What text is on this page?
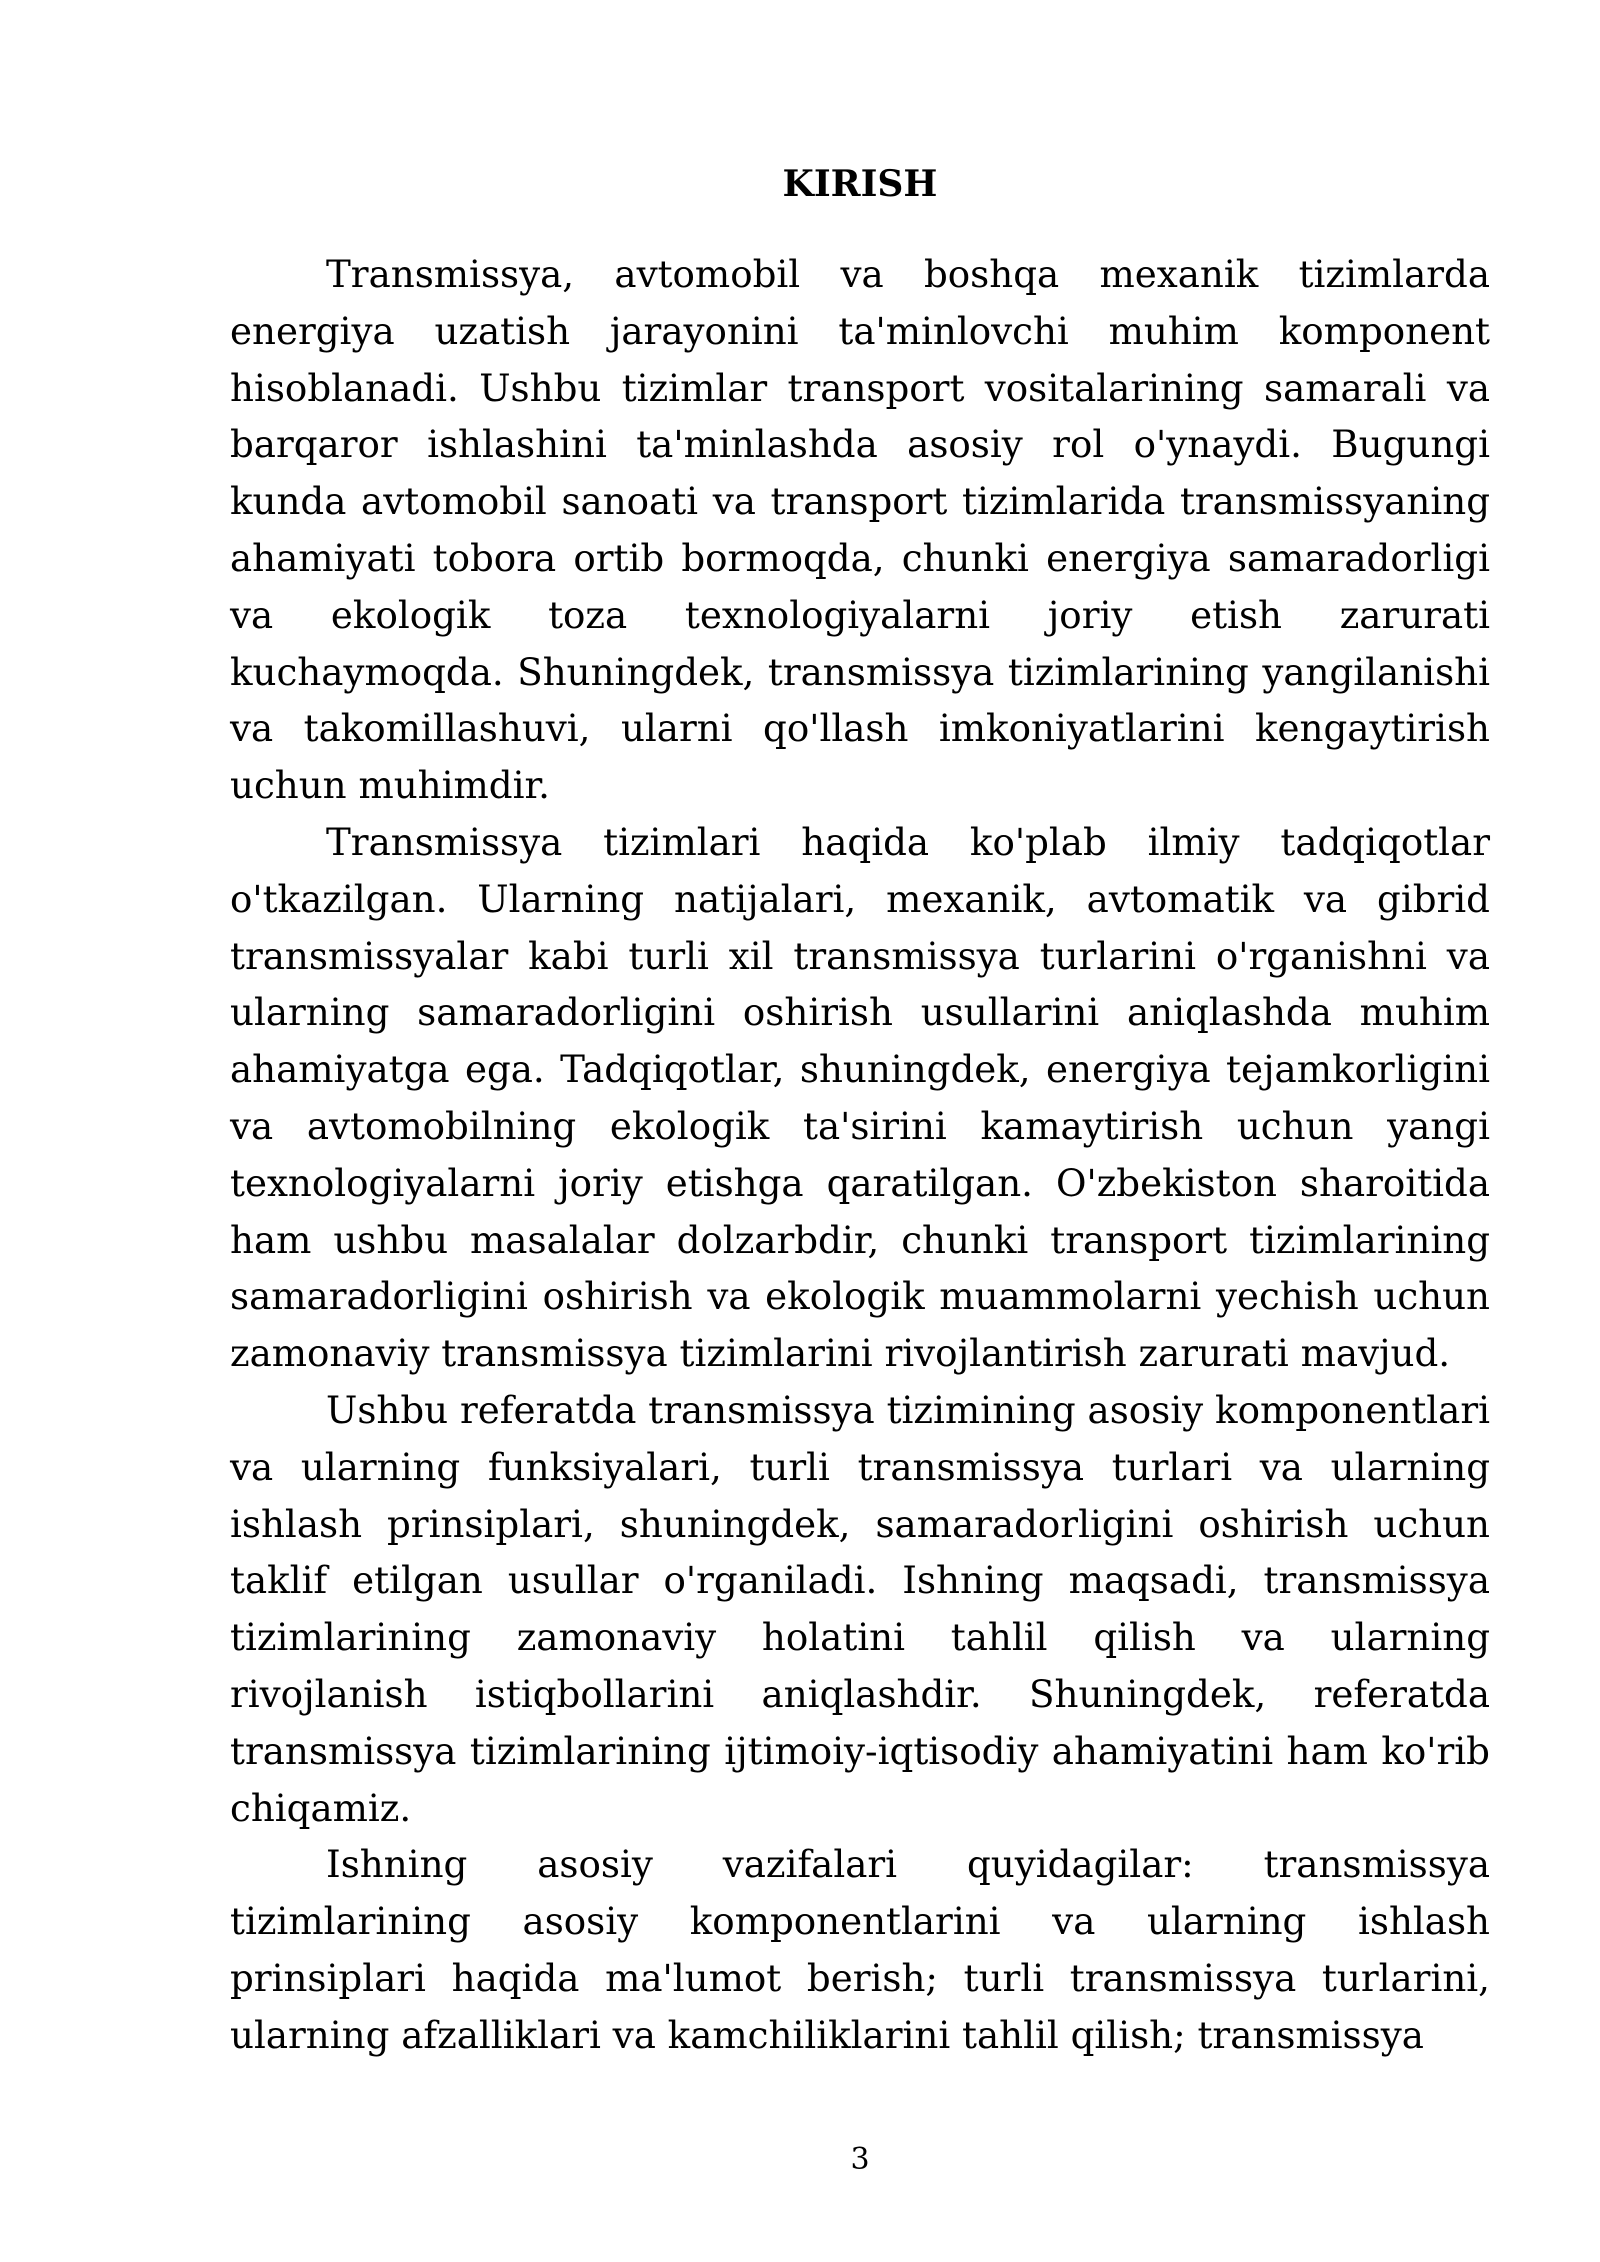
KIRISH

Transmissya, avtomobil va boshqa mexanik tizimlarda energiya uzatish jarayonini ta'minlovchi muhim komponent hisoblanadi. Ushbu tizimlar transport vositalarining samarali va barqaror ishlashini ta'minlashda asosiy rol o'ynaydi. Bugungi kunda avtomobil sanoati va transport tizimlarida transmissyaning ahamiyati tobora ortib bormoqda, chunki energiya samaradorligi va ekologik toza texnologiyalarni joriy etish zarurati kuchaymoqda. Shuningdek, transmissya tizimlarining yangilanishi va takomillashuvi, ularni qo'llash imkoniyatlarini kengaytirish uchun muhimdir.

Transmissya tizimlari haqida ko'plab ilmiy tadqiqotlar o'tkazilgan. Ularning natijalari, mexanik, avtomatik va gibrid transmissyalar kabi turli xil transmissya turlarini o'rganishni va ularning samaradorligini oshirish usullarini aniqlashda muhim ahamiyatga ega. Tadqiqotlar, shuningdek, energiya tejamkorligini va avtomobilning ekologik ta'sirini kamaytirish uchun yangi texnologiyalarni joriy etishga qaratilgan. O'zbekiston sharoitida ham ushbu masalalar dolzarbdir, chunki transport tizimlarining samaradorligini oshirish va ekologik muammolarni yechish uchun zamonaviy transmissya tizimlarini rivojlantirish zarurati mavjud.

Ushbu referatda transmissya tizimining asosiy komponentlari va ularning funksiyalari, turli transmissya turlari va ularning ishlash prinsiplari, shuningdek, samaradorligini oshirish uchun taklif etilgan usullar o'rganiladi. Ishning maqsadi, transmissya tizimlarining zamonaviy holatini tahlil qilish va ularning rivojlanish istiqbollarini aniqlashdir. Shuningdek, referatda transmissya tizimlarining ijtimoiy-iqtisodiy ahamiyatini ham ko'rib chiqamiz.

Ishning asosiy vazifalari quyidagilar: transmissya tizimlarining asosiy komponentlarini va ularning ishlash prinsiplari haqida ma'lumot berish; turli transmissya turlarini, ularning afzalliklari va kamchiliklarini tahlil qilish; transmissya

3
